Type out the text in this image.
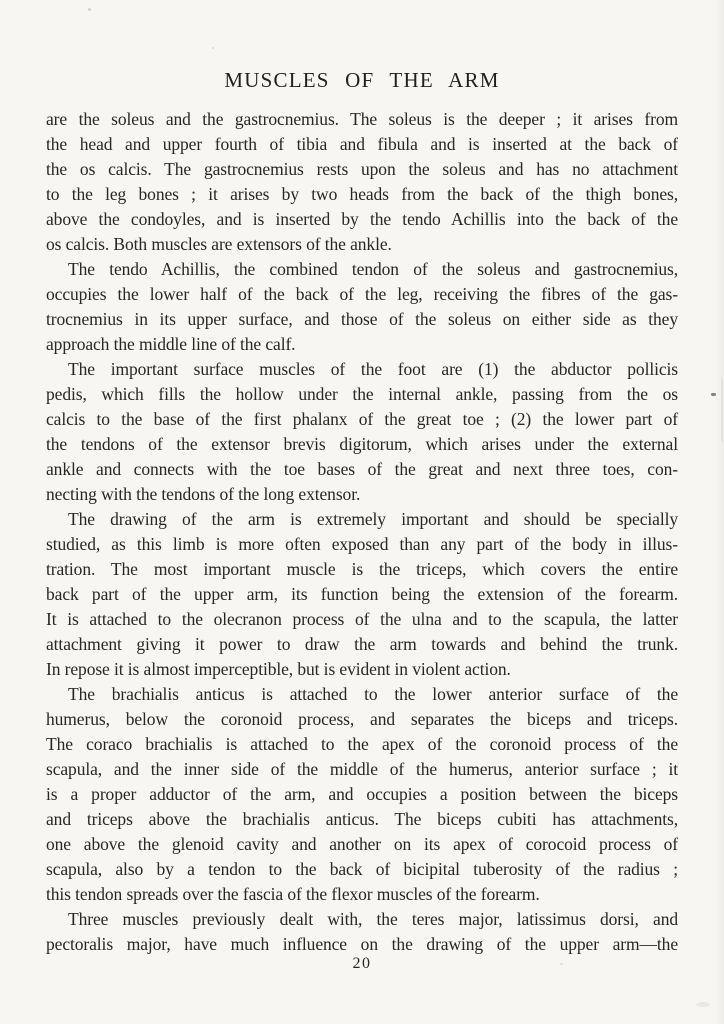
MUSCLES OF THE ARM
are the soleus and the gastrocnemius. The soleus is the deeper ; it arises from
the head and upper fourth of tibia and fibula and is inserted at the back of
the os calcis. The gastrocnemius rests upon the soleus and has no attachment
to the leg bones ; it arises by two heads from the back of the thigh bones,
above the condoyles, and is inserted by the tendo Achillis into the back of the
os calcis. Both muscles are extensors of the ankle.
The tendo Achillis, the combined tendon of the soleus and gastrocnemius,
occupies the lower half of the back of the leg, receiving the fibres of the gas-
trocnemius in its upper surface, and those of the soleus on either side as they
approach the middle line of the calf.
The important surface muscles of the foot are (1) the abductor pollicis
pedis, which fills the hollow under the internal ankle, passing from the os
calcis to the base of the first phalanx of the great toe ; (2) the lower part of
the tendons of the extensor brevis digitorum, which arises under the external
ankle and connects with the toe bases of the great and next three toes, con-
necting with the tendons of the long extensor.
The drawing of the arm is extremely important and should be specially
studied, as this limb is more often exposed than any part of the body in illus-
tration. The most important muscle is the triceps, which covers the entire
back part of the upper arm, its function being the extension of the forearm.
It is attached to the olecranon process of the ulna and to the scapula, the latter
attachment giving it power to draw the arm towards and behind the trunk.
In repose it is almost imperceptible, but is evident in violent action.
The brachialis anticus is attached to the lower anterior surface of the
humerus, below the coronoid process, and separates the biceps and triceps.
The coraco brachialis is attached to the apex of the coronoid process of the
scapula, and the inner side of the middle of the humerus, anterior surface ; it
is a proper adductor of the arm, and occupies a position between the biceps
and triceps above the brachialis anticus. The biceps cubiti has attachments,
one above the glenoid cavity and another on its apex of corocoid process of
scapula, also by a tendon to the back of bicipital tuberosity of the radius ;
this tendon spreads over the fascia of the flexor muscles of the forearm.
Three muscles previously dealt with, the teres major, latissimus dorsi, and
pectoralis major, have much influence on the drawing of the upper arm—the
20
